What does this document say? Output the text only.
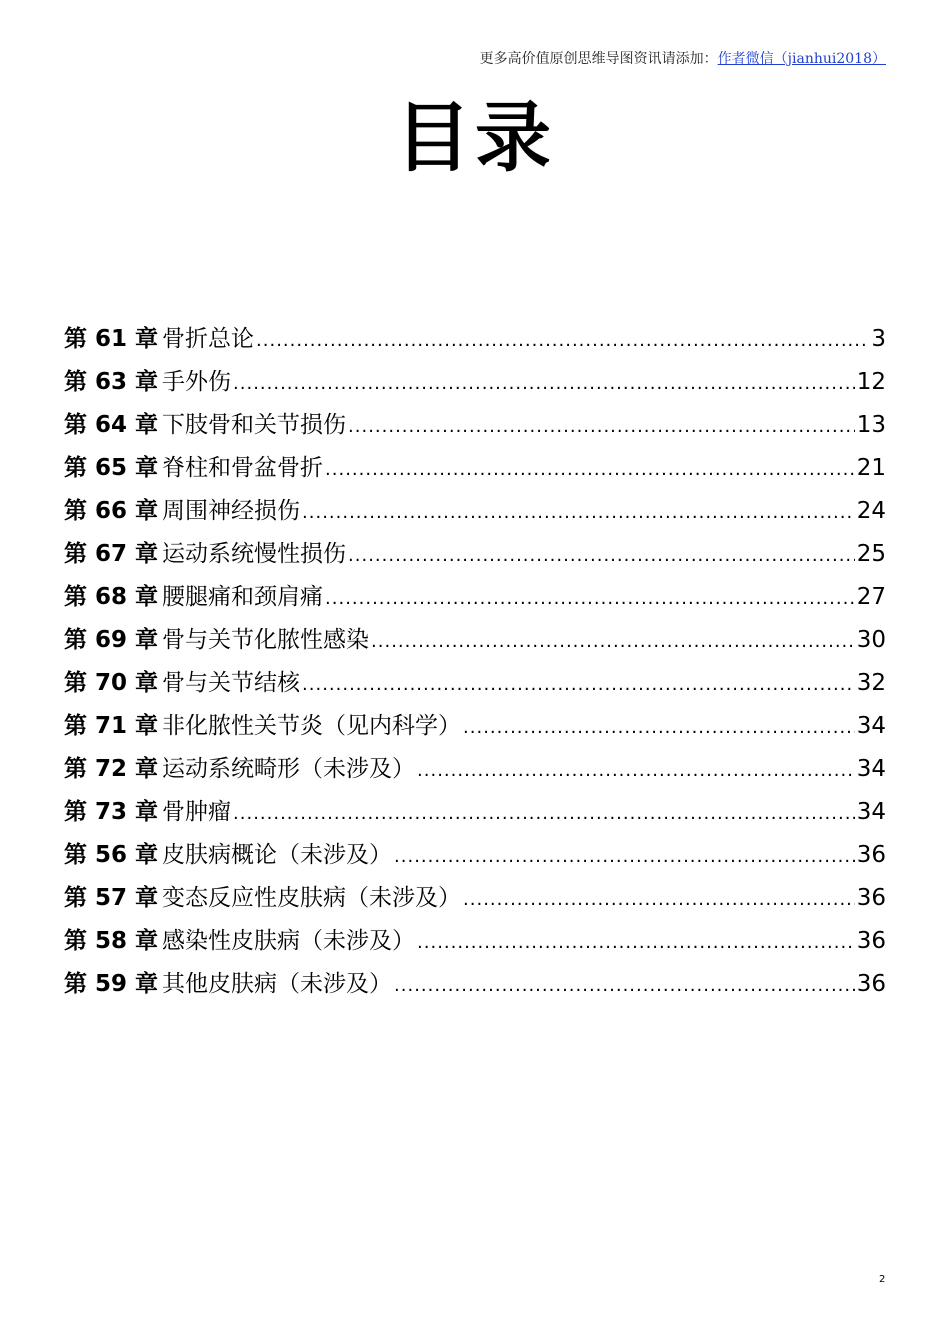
更多高价值原创思维导图资讯请添加：作者微信（jianhui2018）
目录
第 61 章 骨折总论 .....	3
第 63 章 手外伤 .....	12
第 64 章 下肢骨和关节损伤 .....	13
第 65 章 脊柱和骨盆骨折 .....	21
第 66 章 周围神经损伤 .....	24
第 67 章 运动系统慢性损伤 .....	25
第 68 章 腰腿痛和颈肩痛 .....	27
第 69 章 骨与关节化脓性感染 .....	30
第 70 章 骨与关节结核 .....	32
第 71 章 非化脓性关节炎（见内科学） .....	34
第 72 章 运动系统畸形（未涉及） .....	34
第 73 章 骨肿瘤 .....	34
第 56 章 皮肤病概论（未涉及） .....	36
第 57 章 变态反应性皮肤病（未涉及） .....	36
第 58 章 感染性皮肤病（未涉及） .....	36
第 59 章 其他皮肤病（未涉及） .....	36
2
